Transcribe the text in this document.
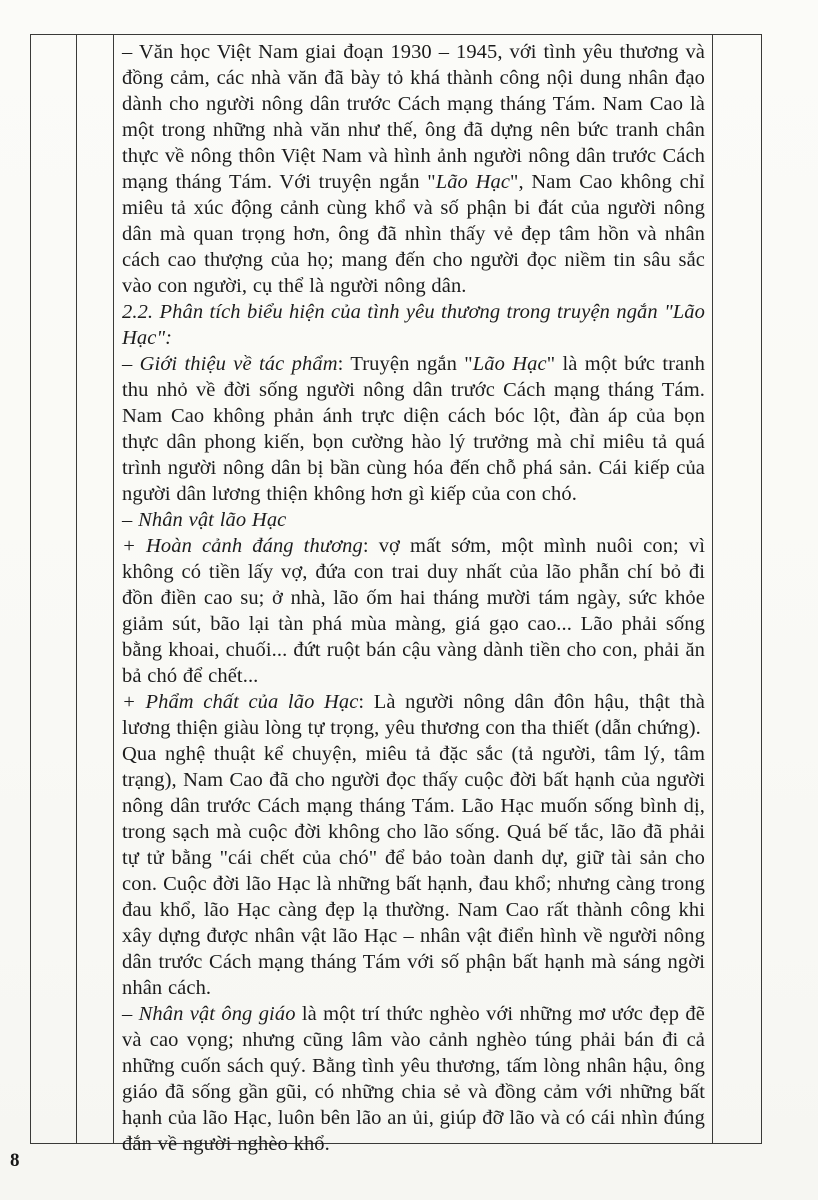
– Văn học Việt Nam giai đoạn 1930 – 1945, với tình yêu thương và đồng cảm, các nhà văn đã bày tỏ khá thành công nội dung nhân đạo dành cho người nông dân trước Cách mạng tháng Tám. Nam Cao là một trong những nhà văn như thế, ông đã dựng nên bức tranh chân thực về nông thôn Việt Nam và hình ảnh người nông dân trước Cách mạng tháng Tám. Với truyện ngắn "Lão Hạc", Nam Cao không chỉ miêu tả xúc động cảnh cùng khổ và số phận bi đát của người nông dân mà quan trọng hơn, ông đã nhìn thấy vẻ đẹp tâm hồn và nhân cách cao thượng của họ; mang đến cho người đọc niềm tin sâu sắc vào con người, cụ thể là người nông dân.

2.2. Phân tích biểu hiện của tình yêu thương trong truyện ngắn "Lão Hạc":

– Giới thiệu về tác phẩm: Truyện ngắn "Lão Hạc" là một bức tranh thu nhỏ về đời sống người nông dân trước Cách mạng tháng Tám. Nam Cao không phản ánh trực diện cách bóc lột, đàn áp của bọn thực dân phong kiến, bọn cường hào lý trưởng mà chỉ miêu tả quá trình người nông dân bị bần cùng hóa đến chỗ phá sản. Cái kiếp của người dân lương thiện không hơn gì kiếp của con chó.

– Nhân vật lão Hạc

+ Hoàn cảnh đáng thương: vợ mất sớm, một mình nuôi con; vì không có tiền lấy vợ, đứa con trai duy nhất của lão phẫn chí bỏ đi đồn điền cao su; ở nhà, lão ốm hai tháng mười tám ngày, sức khỏe giảm sút, bão lại tàn phá mùa màng, giá gạo cao... Lão phải sống bằng khoai, chuối... đứt ruột bán cậu vàng dành tiền cho con, phải ăn bả chó để chết...

+ Phẩm chất của lão Hạc: Là người nông dân đôn hậu, thật thà lương thiện giàu lòng tự trọng, yêu thương con tha thiết (dẫn chứng).

Qua nghệ thuật kể chuyện, miêu tả đặc sắc (tả người, tâm lý, tâm trạng), Nam Cao đã cho người đọc thấy cuộc đời bất hạnh của người nông dân trước Cách mạng tháng Tám. Lão Hạc muốn sống bình dị, trong sạch mà cuộc đời không cho lão sống. Quá bế tắc, lão đã phải tự tử bằng "cái chết của chó" để bảo toàn danh dự, giữ tài sản cho con. Cuộc đời lão Hạc là những bất hạnh, đau khổ; nhưng càng trong đau khổ, lão Hạc càng đẹp lạ thường. Nam Cao rất thành công khi xây dựng được nhân vật lão Hạc – nhân vật điển hình về người nông dân trước Cách mạng tháng Tám với số phận bất hạnh mà sáng ngời nhân cách.

– Nhân vật ông giáo là một trí thức nghèo với những mơ ước đẹp đẽ và cao vọng; nhưng cũng lâm vào cảnh nghèo túng phải bán đi cả những cuốn sách quý. Bằng tình yêu thương, tấm lòng nhân hậu, ông giáo đã sống gần gũi, có những chia sẻ và đồng cảm với những bất hạnh của lão Hạc, luôn bên lão an ủi, giúp đỡ lão và có cái nhìn đúng đắn về người nghèo khổ.

8
